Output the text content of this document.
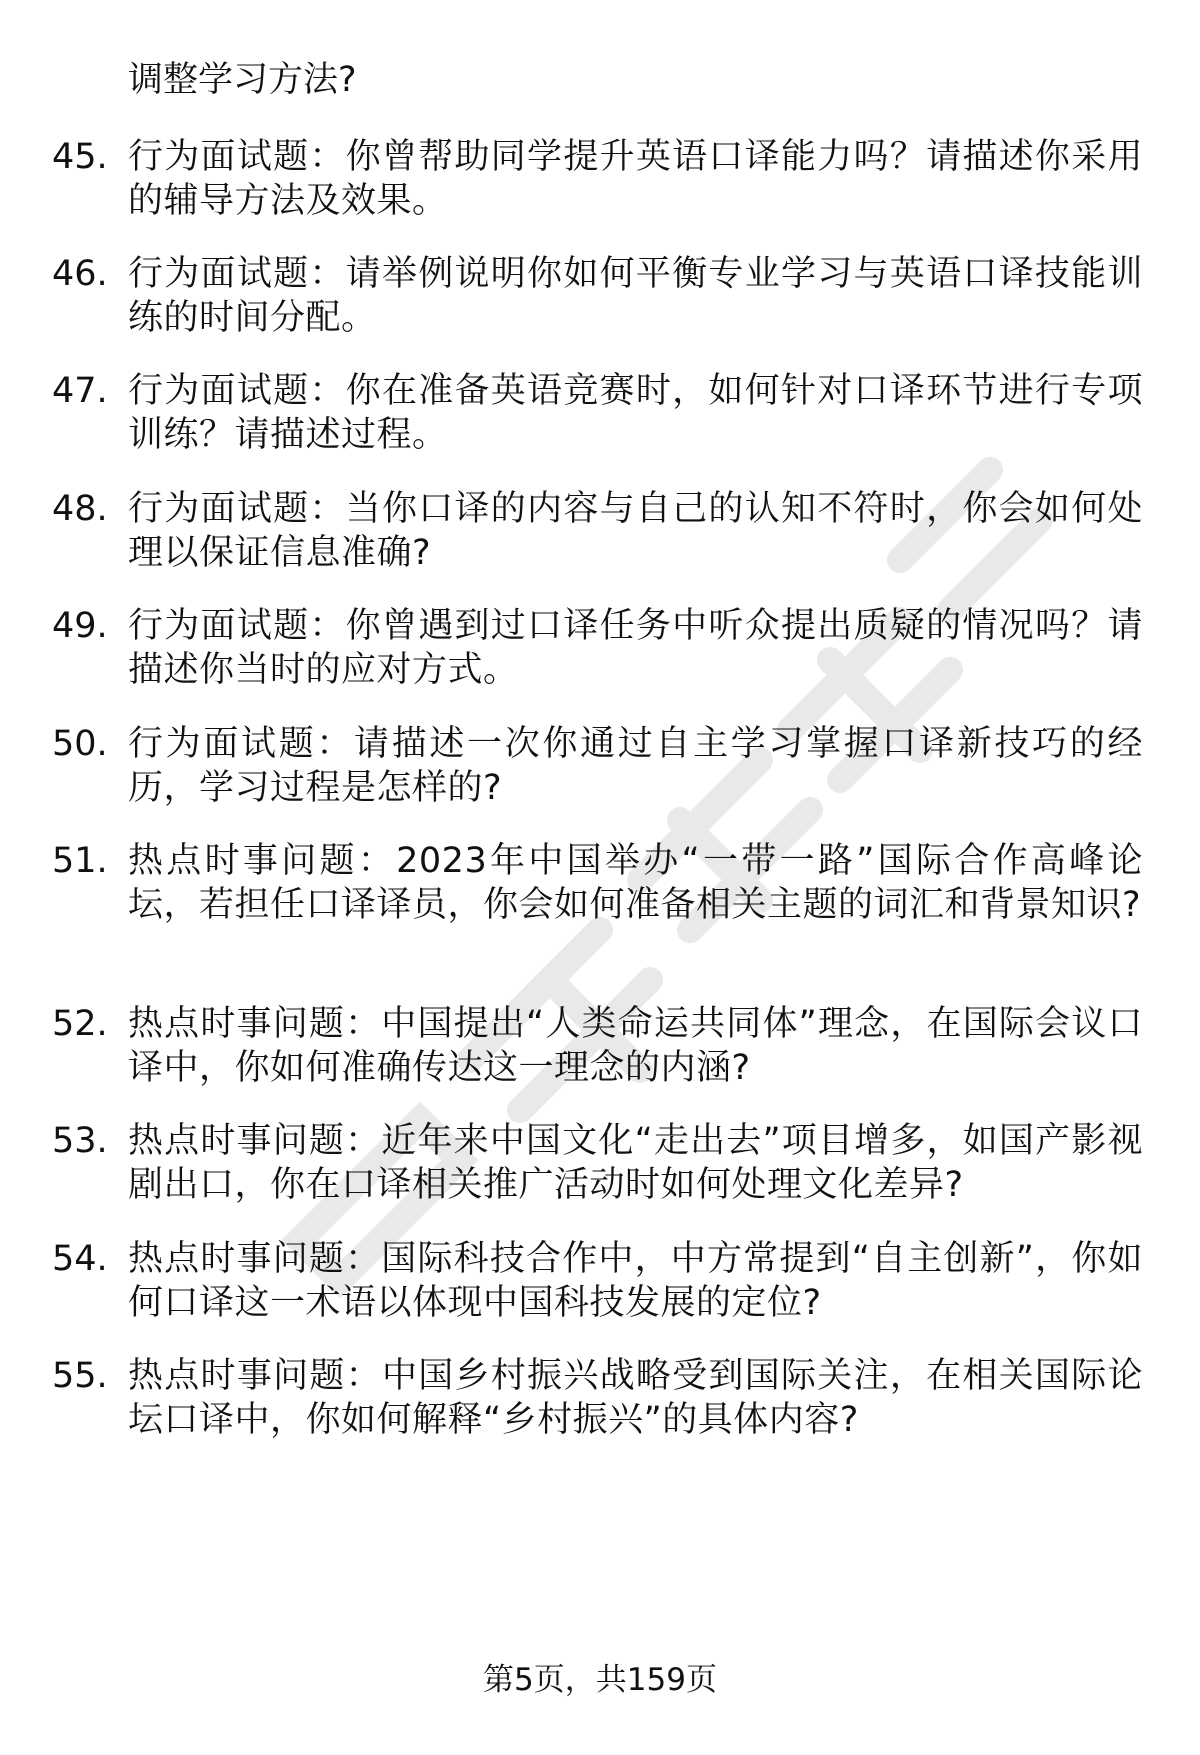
调整学习方法?
45. 行为面试题：你曾帮助同学提升英语口译能力吗？请描述你采用的辅导方法及效果。
46. 行为面试题：请举例说明你如何平衡专业学习与英语口译技能训练的时间分配。
47. 行为面试题：你在准备英语竞赛时，如何针对口译环节进行专项训练？请描述过程。
48. 行为面试题：当你口译的内容与自己的认知不符时，你会如何处理以保证信息准确?
49. 行为面试题：你曾遇到过口译任务中听众提出质疑的情况吗？请描述你当时的应对方式。
50. 行为面试题：请描述一次你通过自主学习掌握口译新技巧的经历，学习过程是怎样的?
51. 热点时事问题：2023年中国举办“一带一路”国际合作高峰论坛，若担任口译译员，你会如何准备相关主题的词汇和背景知识?
52. 热点时事问题：中国提出“人类命运共同体”理念，在国际会议口译中，你如何准确传达这一理念的内涵?
53. 热点时事问题：近年来中国文化“走出去”项目增多，如国产影视剧出口，你在口译相关推广活动时如何处理文化差异?
54. 热点时事问题：国际科技合作中，中方常提到“自主创新”，你如何口译这一术语以体现中国科技发展的定位?
55. 热点时事问题：中国乡村振兴战略受到国际关注，在相关国际论坛口译中，你如何解释“乡村振兴”的具体内容?
第5页，共159页
